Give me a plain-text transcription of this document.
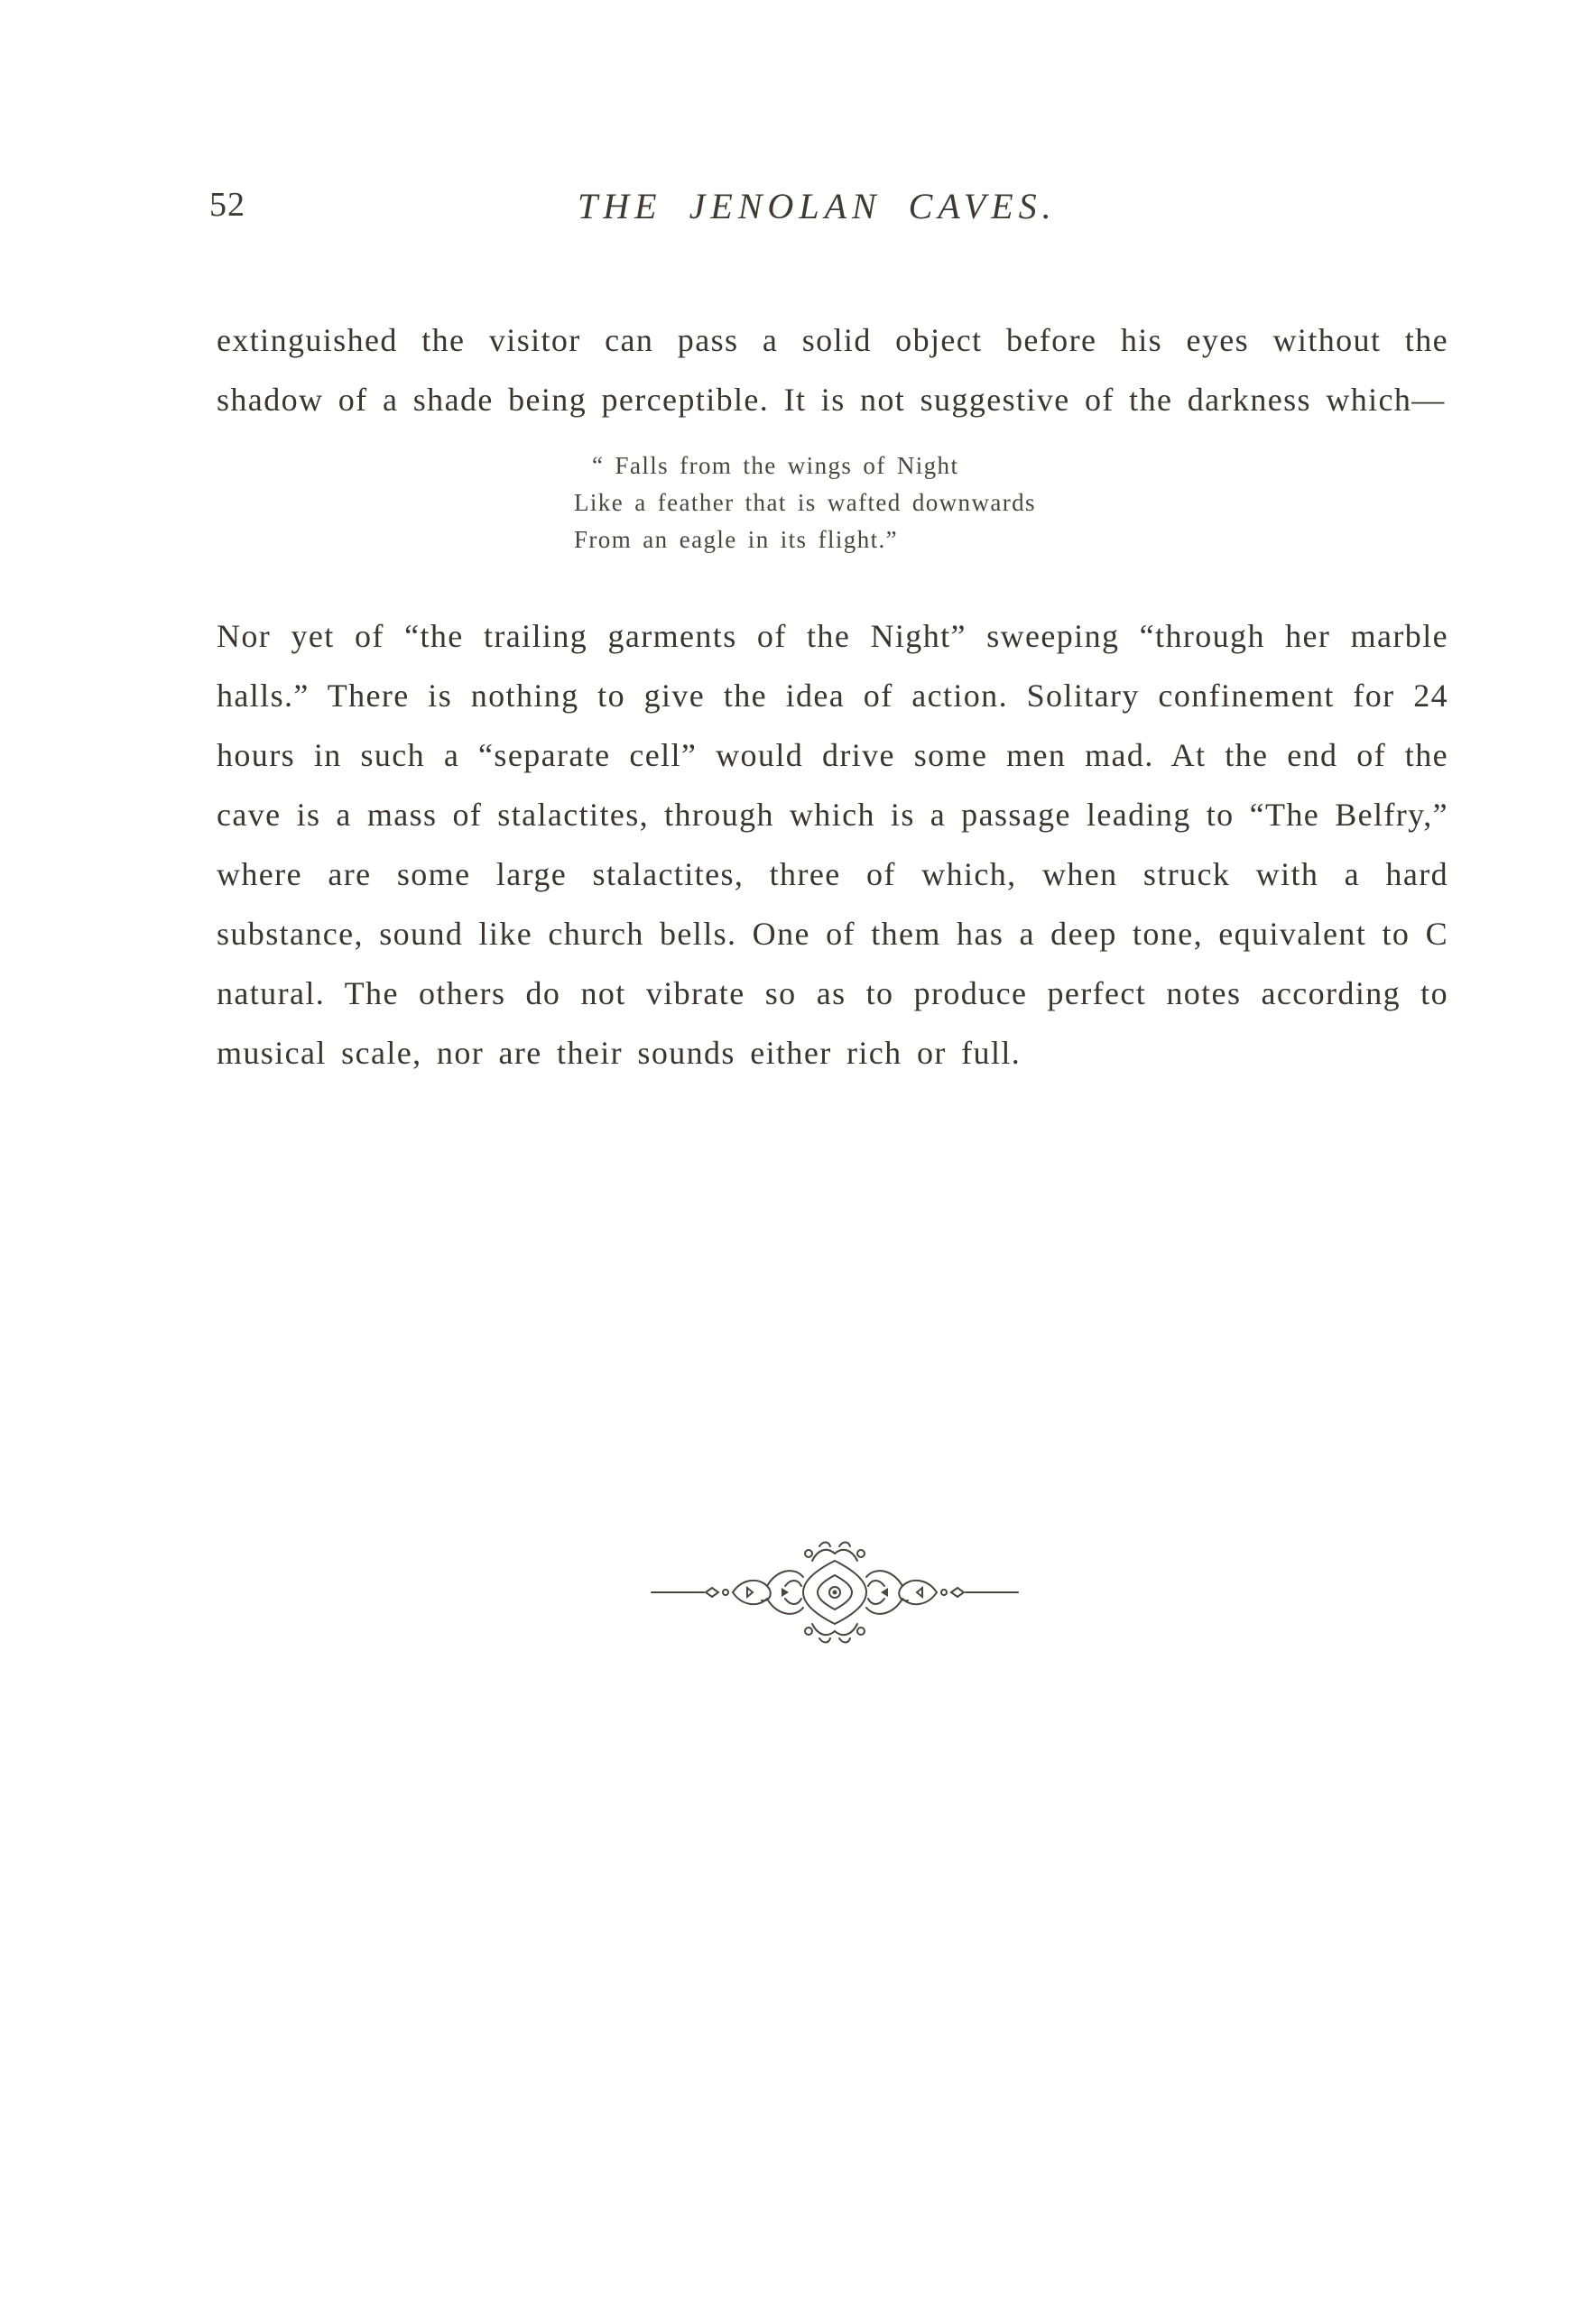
52	THE JENOLAN CAVES.

extinguished the visitor can pass a solid object before his eyes without the shadow of a shade being perceptible. It is not suggestive of the darkness which—

“ Falls from the wings of Night
Like a feather that is wafted downwards
From an eagle in its flight.”

Nor yet of “the trailing garments of the Night” sweeping “through her marble halls.” There is nothing to give the idea of action. Solitary confinement for 24 hours in such a “separate cell” would drive some men mad. At the end of the cave is a mass of stalactites, through which is a passage leading to “The Belfry,” where are some large stalactites, three of which, when struck with a hard substance, sound like church bells. One of them has a deep tone, equivalent to C natural. The others do not vibrate so as to produce perfect notes according to musical scale, nor are their sounds either rich or full.
